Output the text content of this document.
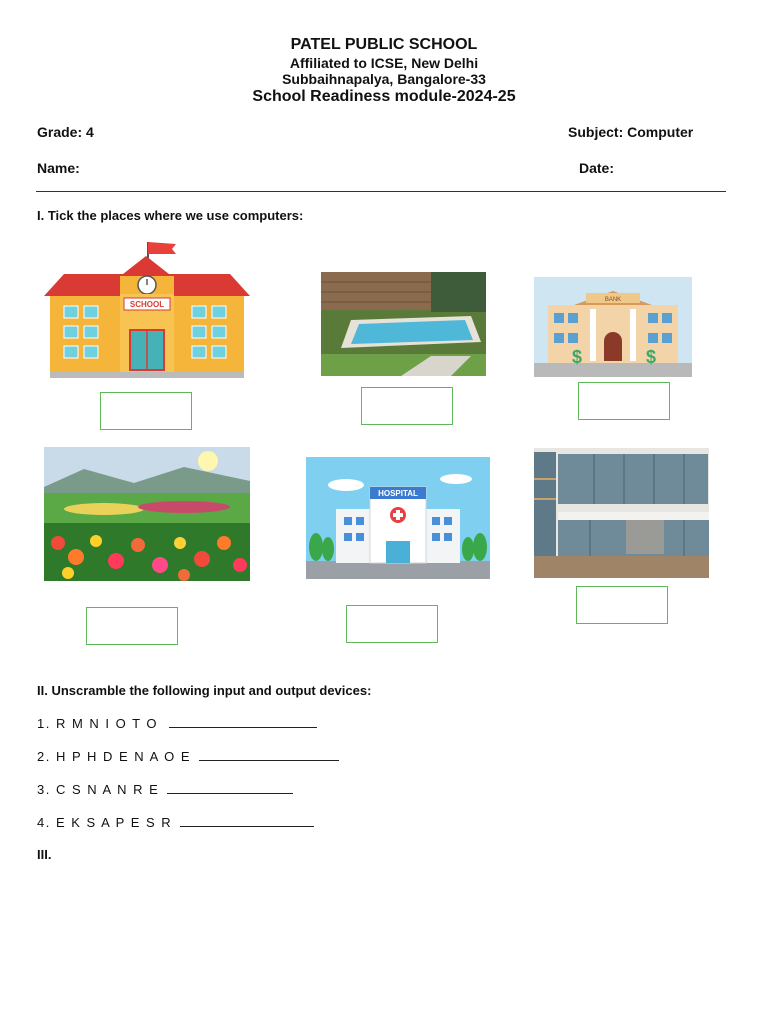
PATEL PUBLIC SCHOOL
Affiliated to ICSE, New Delhi
Subbaihnapalya, Bangalore-33
School Readiness module-2024-25
Grade: 4	Subject: Computer
Name:	Date:
I. Tick the places where we use computers:
SCHOOL	BANK
$	$
HOSPITAL
II. Unscramble the following input and output devices:
1. R M N I O T O
2. H P H D E N A O E
3. C S N A N R E
4. E K S A P E S R
III.
